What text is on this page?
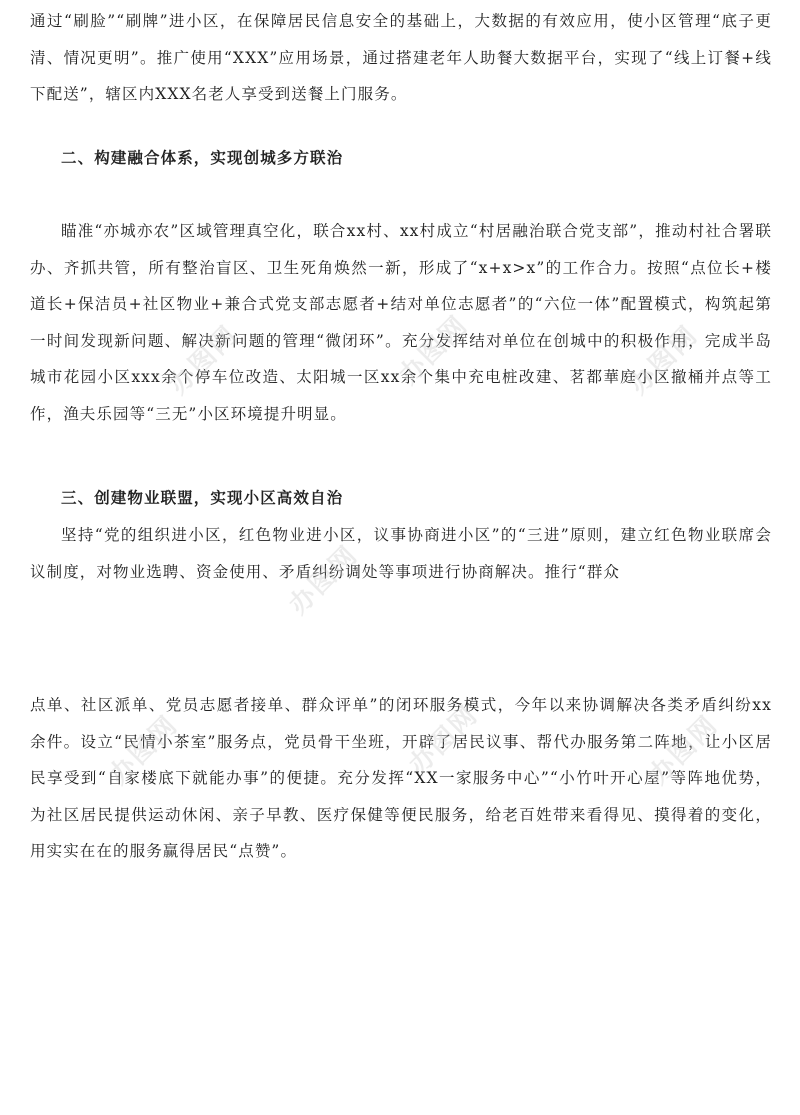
通过“刷脸”“刷牌”进小区，在保障居民信息安全的基础上，大数据的有效应用，使小区管理“底子更清、情况更明”。推广使用“XXX”应用场景，通过搭建老年人助餐大数据平台，实现了“线上订餐+线下配送”，辖区内XXX名老人享受到送餐上门服务。

二、构建融合体系，实现创城多方联治

瞄准“亦城亦农”区域管理真空化，联合xx村、xx村成立“村居融治联合党支部”，推动村社合署联办、齐抓共管，所有整治盲区、卫生死角焕然一新，形成了“x+x>x”的工作合力。按照“点位长+楼道长+保洁员+社区物业+兼合式党支部志愿者+结对单位志愿者”的“六位一体”配置模式，构筑起第一时间发现新问题、解决新问题的管理“微闭环”。充分发挥结对单位在创城中的积极作用，完成半岛城市花园小区xxx余个停车位改造、太阳城一区xx余个集中充电桩改建、茗都華庭小区撤桶并点等工作，渔夫乐园等“三无”小区环境提升明显。

三、创建物业联盟，实现小区高效自治

坚持“党的组织进小区，红色物业进小区，议事协商进小区”的“三进”原则，建立红色物业联席会议制度，对物业选聘、资金使用、矛盾纠纷调处等事项进行协商解决。推行“群众

点单、社区派单、党员志愿者接单、群众评单”的闭环服务模式，今年以来协调解决各类矛盾纠纷xx余件。设立“民情小茶室”服务点，党员骨干坐班，开辟了居民议事、帮代办服务第二阵地，让小区居民享受到“自家楼底下就能办事”的便捷。充分发挥“XX一家服务中心”“小竹叶开心屋”等阵地优势，为社区居民提供运动休闲、亲子早教、医疗保健等便民服务，给老百姓带来看得见、摸得着的变化，用实实在在的服务赢得居民“点赞”。

办图网	办图网	办图网
办图网
办图网	办图网	办图网
